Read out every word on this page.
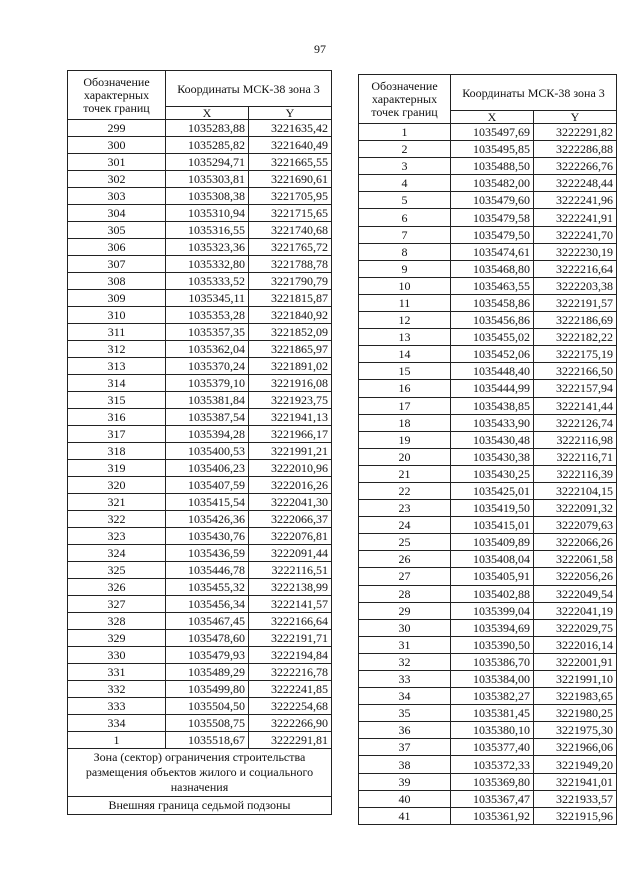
97
Обозначение характерных точек границ	Координаты МСК-38 зона 3	
	X	Y
299	1035283,88	3221635,42
300	1035285,82	3221640,49
301	1035294,71	3221665,55
302	1035303,81	3221690,61
303	1035308,38	3221705,95
304	1035310,94	3221715,65
305	1035316,55	3221740,68
306	1035323,36	3221765,72
307	1035332,80	3221788,78
308	1035333,52	3221790,79
309	1035345,11	3221815,87
310	1035353,28	3221840,92
311	1035357,35	3221852,09
312	1035362,04	3221865,97
313	1035370,24	3221891,02
314	1035379,10	3221916,08
315	1035381,84	3221923,75
316	1035387,54	3221941,13
317	1035394,28	3221966,17
318	1035400,53	3221991,21
319	1035406,23	3222010,96
320	1035407,59	3222016,26
321	1035415,54	3222041,30
322	1035426,36	3222066,37
323	1035430,76	3222076,81
324	1035436,59	3222091,44
325	1035446,78	3222116,51
326	1035455,32	3222138,99
327	1035456,34	3222141,57
328	1035467,45	3222166,64
329	1035478,60	3222191,71
330	1035479,93	3222194,84
331	1035489,29	3222216,78
332	1035499,80	3222241,85
333	1035504,50	3222254,68
334	1035508,75	3222266,90
1	1035518,67	3222291,81
Зона (сектор) ограничения строительства размещения объектов жилого и социального назначения		
Внешняя граница седьмой подзоны		
Обозначение характерных точек границ	Координаты МСК-38 зона 3	
	X	Y
1	1035497,69	3222291,82
2	1035495,85	3222286,88
3	1035488,50	3222266,76
4	1035482,00	3222248,44
5	1035479,60	3222241,96
6	1035479,58	3222241,91
7	1035479,50	3222241,70
8	1035474,61	3222230,19
9	1035468,80	3222216,64
10	1035463,55	3222203,38
11	1035458,86	3222191,57
12	1035456,86	3222186,69
13	1035455,02	3222182,22
14	1035452,06	3222175,19
15	1035448,40	3222166,50
16	1035444,99	3222157,94
17	1035438,85	3222141,44
18	1035433,90	3222126,74
19	1035430,48	3222116,98
20	1035430,38	3222116,71
21	1035430,25	3222116,39
22	1035425,01	3222104,15
23	1035419,50	3222091,32
24	1035415,01	3222079,63
25	1035409,89	3222066,26
26	1035408,04	3222061,58
27	1035405,91	3222056,26
28	1035402,88	3222049,54
29	1035399,04	3222041,19
30	1035394,69	3222029,75
31	1035390,50	3222016,14
32	1035386,70	3222001,91
33	1035384,00	3221991,10
34	1035382,27	3221983,65
35	1035381,45	3221980,25
36	1035380,10	3221975,30
37	1035377,40	3221966,06
38	1035372,33	3221949,20
39	1035369,80	3221941,01
40	1035367,47	3221933,57
41	1035361,92	3221915,96
